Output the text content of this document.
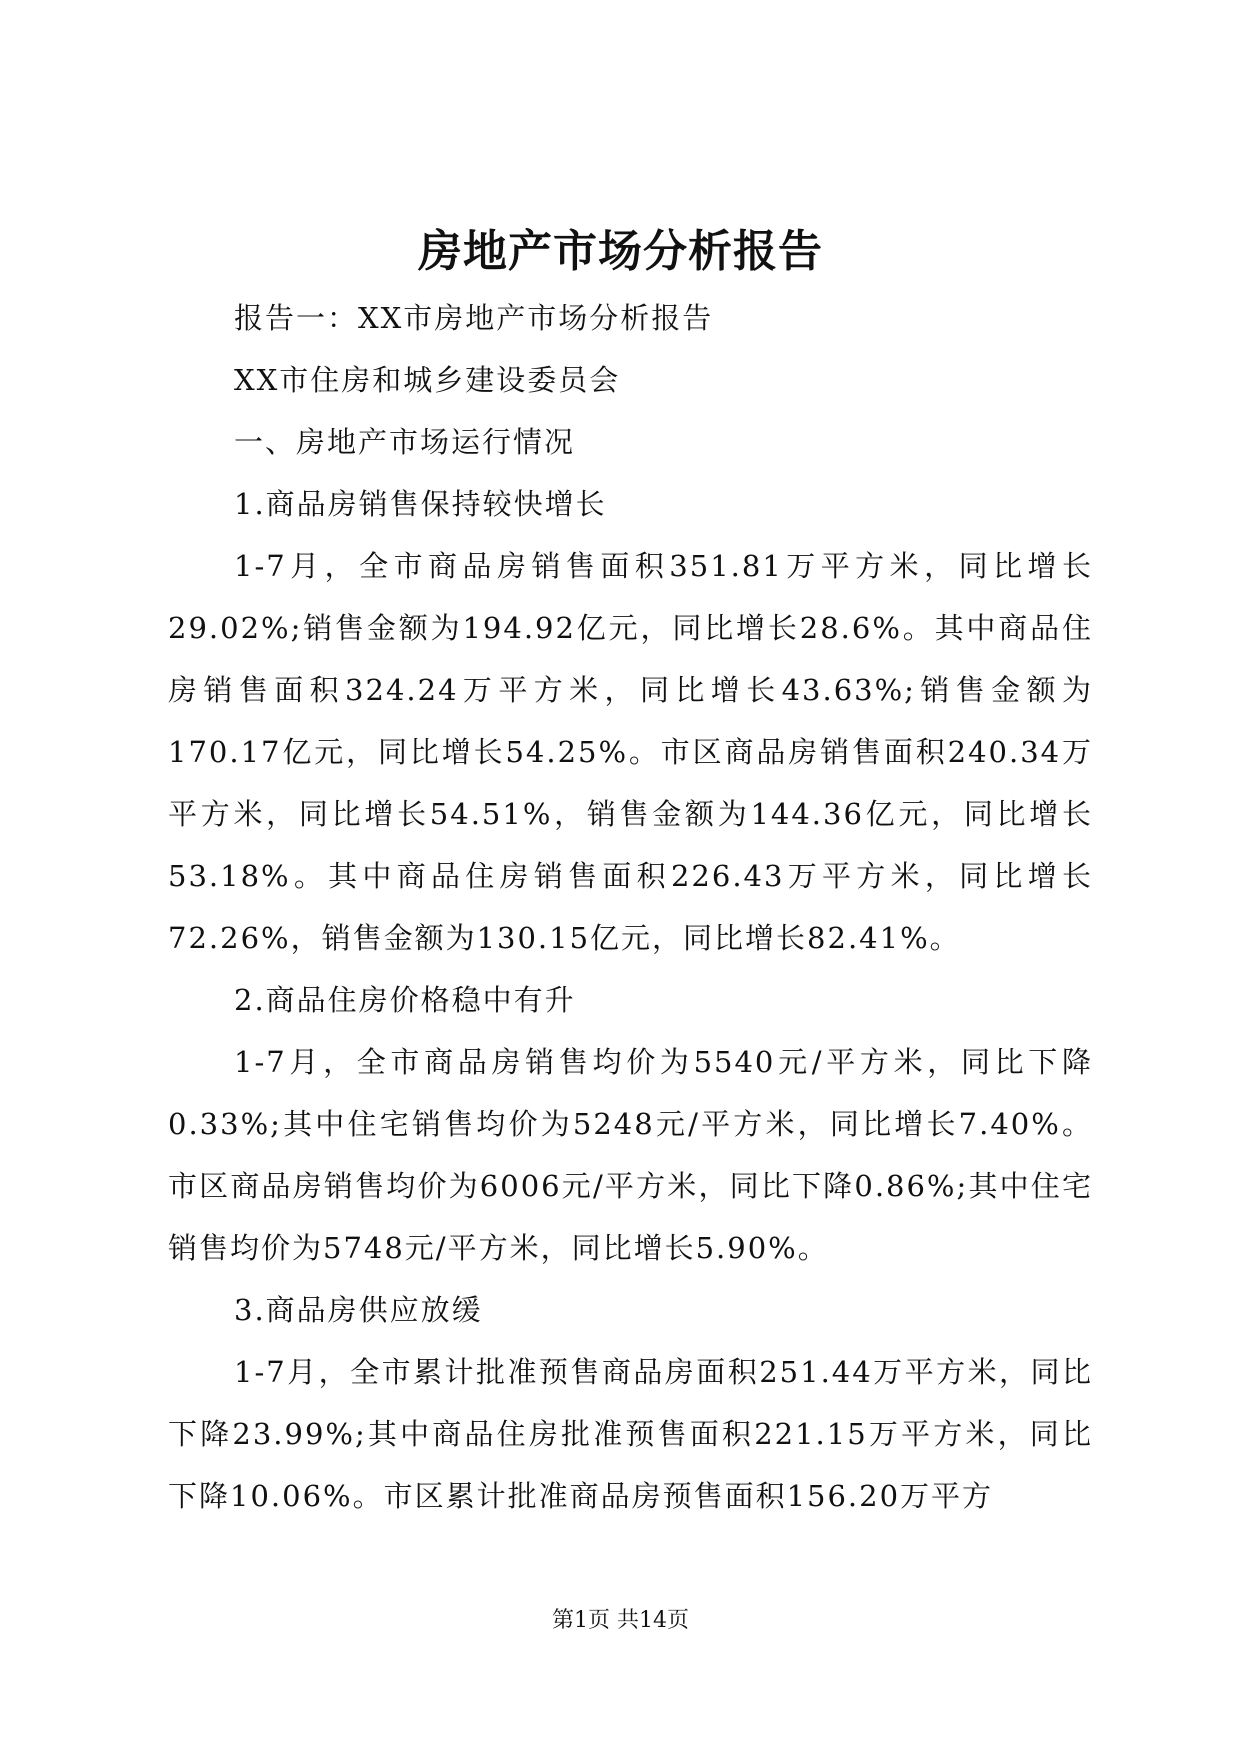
房地产市场分析报告

报告一：XX市房地产市场分析报告

XX市住房和城乡建设委员会

一、房地产市场运行情况

1.商品房销售保持较快增长

1-7月，全市商品房销售面积351.81万平方米，同比增长29.02%;销售金额为194.92亿元，同比增长28.6%。其中商品住房销售面积324.24万平方米，同比增长43.63%;销售金额为170.17亿元，同比增长54.25%。市区商品房销售面积240.34万平方米，同比增长54.51%，销售金额为144.36亿元，同比增长53.18%。其中商品住房销售面积226.43万平方米，同比增长72.26%，销售金额为130.15亿元，同比增长82.41%。

2.商品住房价格稳中有升

1-7月，全市商品房销售均价为5540元/平方米，同比下降0.33%;其中住宅销售均价为5248元/平方米，同比增长7.40%。市区商品房销售均价为6006元/平方米，同比下降0.86%;其中住宅销售均价为5748元/平方米，同比增长5.90%。

3.商品房供应放缓

1-7月，全市累计批准预售商品房面积251.44万平方米，同比下降23.99%;其中商品住房批准预售面积221.15万平方米，同比下降10.06%。市区累计批准商品房预售面积156.20万平方

第1页 共14页
